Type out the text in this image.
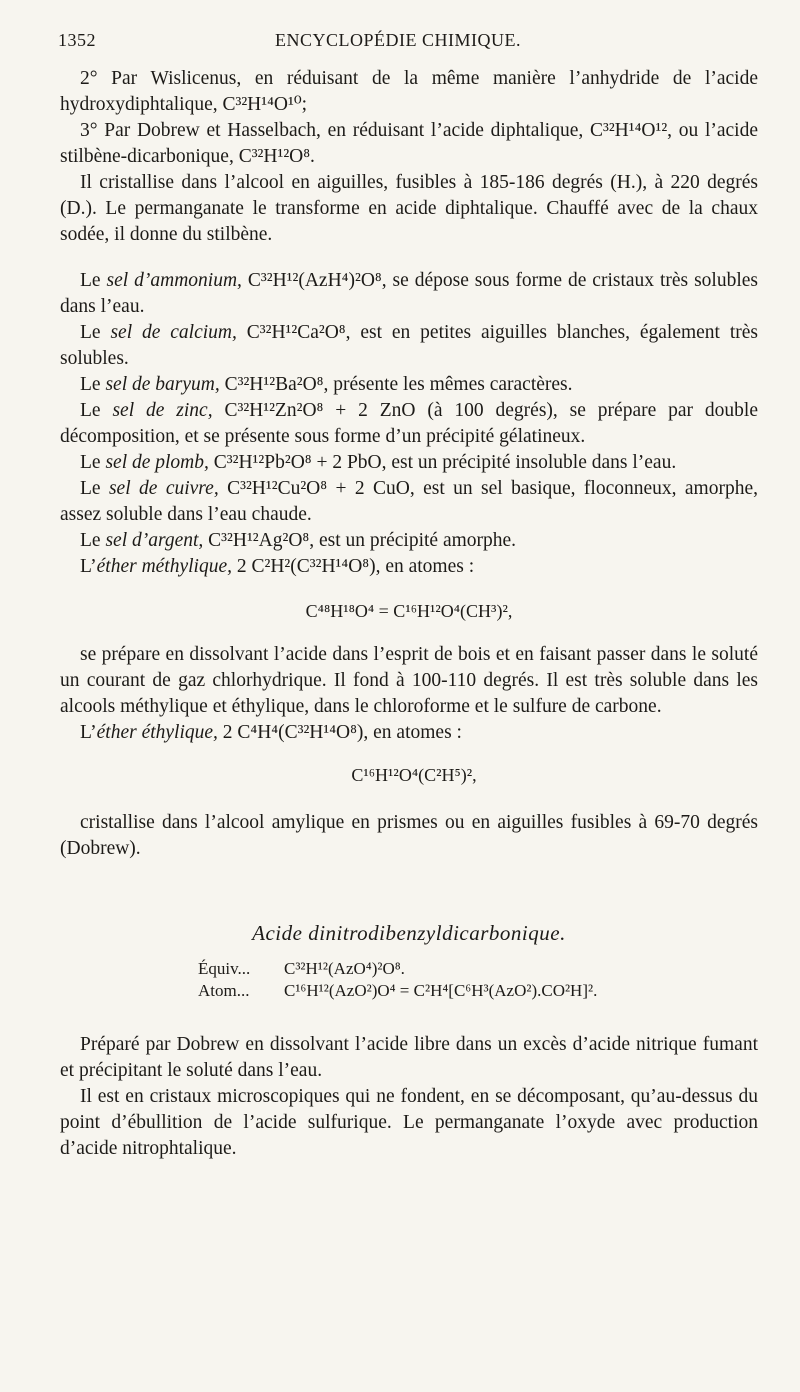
1352	ENCYCLOPÉDIE CHIMIQUE.

2° Par Wislicenus, en réduisant de la même manière l’anhydride de l’acide hydroxydiphtalique, C³²H¹⁴O¹⁰;

3° Par Dobrew et Hasselbach, en réduisant l’acide diphtalique, C³²H¹⁴O¹², ou l’acide stilbène-dicarbonique, C³²H¹²O⁸.

Il cristallise dans l’alcool en aiguilles, fusibles à 185-186 degrés (H.), à 220 degrés (D.). Le permanganate le transforme en acide diphtalique. Chauffé avec de la chaux sodée, il donne du stilbène.

Le sel d’ammonium, C³²H¹²(AzH⁴)²O⁸, se dépose sous forme de cristaux très solubles dans l’eau.

Le sel de calcium, C³²H¹²Ca²O⁸, est en petites aiguilles blanches, également très solubles.

Le sel de baryum, C³²H¹²Ba²O⁸, présente les mêmes caractères.

Le sel de zinc, C³²H¹²Zn²O⁸ + 2 ZnO (à 100 degrés), se prépare par double décomposition, et se présente sous forme d’un précipité gélatineux.

Le sel de plomb, C³²H¹²Pb²O⁸ + 2 PbO, est un précipité insoluble dans l’eau.

Le sel de cuivre, C³²H¹²Cu²O⁸ + 2 CuO, est un sel basique, floconneux, amorphe, assez soluble dans l’eau chaude.

Le sel d’argent, C³²H¹²Ag²O⁸, est un précipité amorphe.

L’éther méthylique, 2 C²H²(C³²H¹⁴O⁸), en atomes :

C⁴⁸H¹⁸O⁴ = C¹⁶H¹²O⁴(CH³)²,

se prépare en dissolvant l’acide dans l’esprit de bois et en faisant passer dans le soluté un courant de gaz chlorhydrique. Il fond à 100-110 degrés. Il est très soluble dans les alcools méthylique et éthylique, dans le chloroforme et le sulfure de carbone.

L’éther éthylique, 2 C⁴H⁴(C³²H¹⁴O⁸), en atomes :

C¹⁶H¹²O⁴(C²H⁵)²,

cristallise dans l’alcool amylique en prismes ou en aiguilles fusibles à 69-70 degrés (Dobrew).

Acide dinitrodibenzyldicarbonique.
Équiv... C³²H¹²(AzO⁴)²O⁸.
Atom... C¹⁶H¹²(AzO²)O⁴ = C²H⁴[C⁶H³(AzO²).CO²H]².

Préparé par Dobrew en dissolvant l’acide libre dans un excès d’acide nitrique fumant et précipitant le soluté dans l’eau.

Il est en cristaux microscopiques qui ne fondent, en se décomposant, qu’au-dessus du point d’ébullition de l’acide sulfurique. Le permanganate l’oxyde avec production d’acide nitrophtalique.
